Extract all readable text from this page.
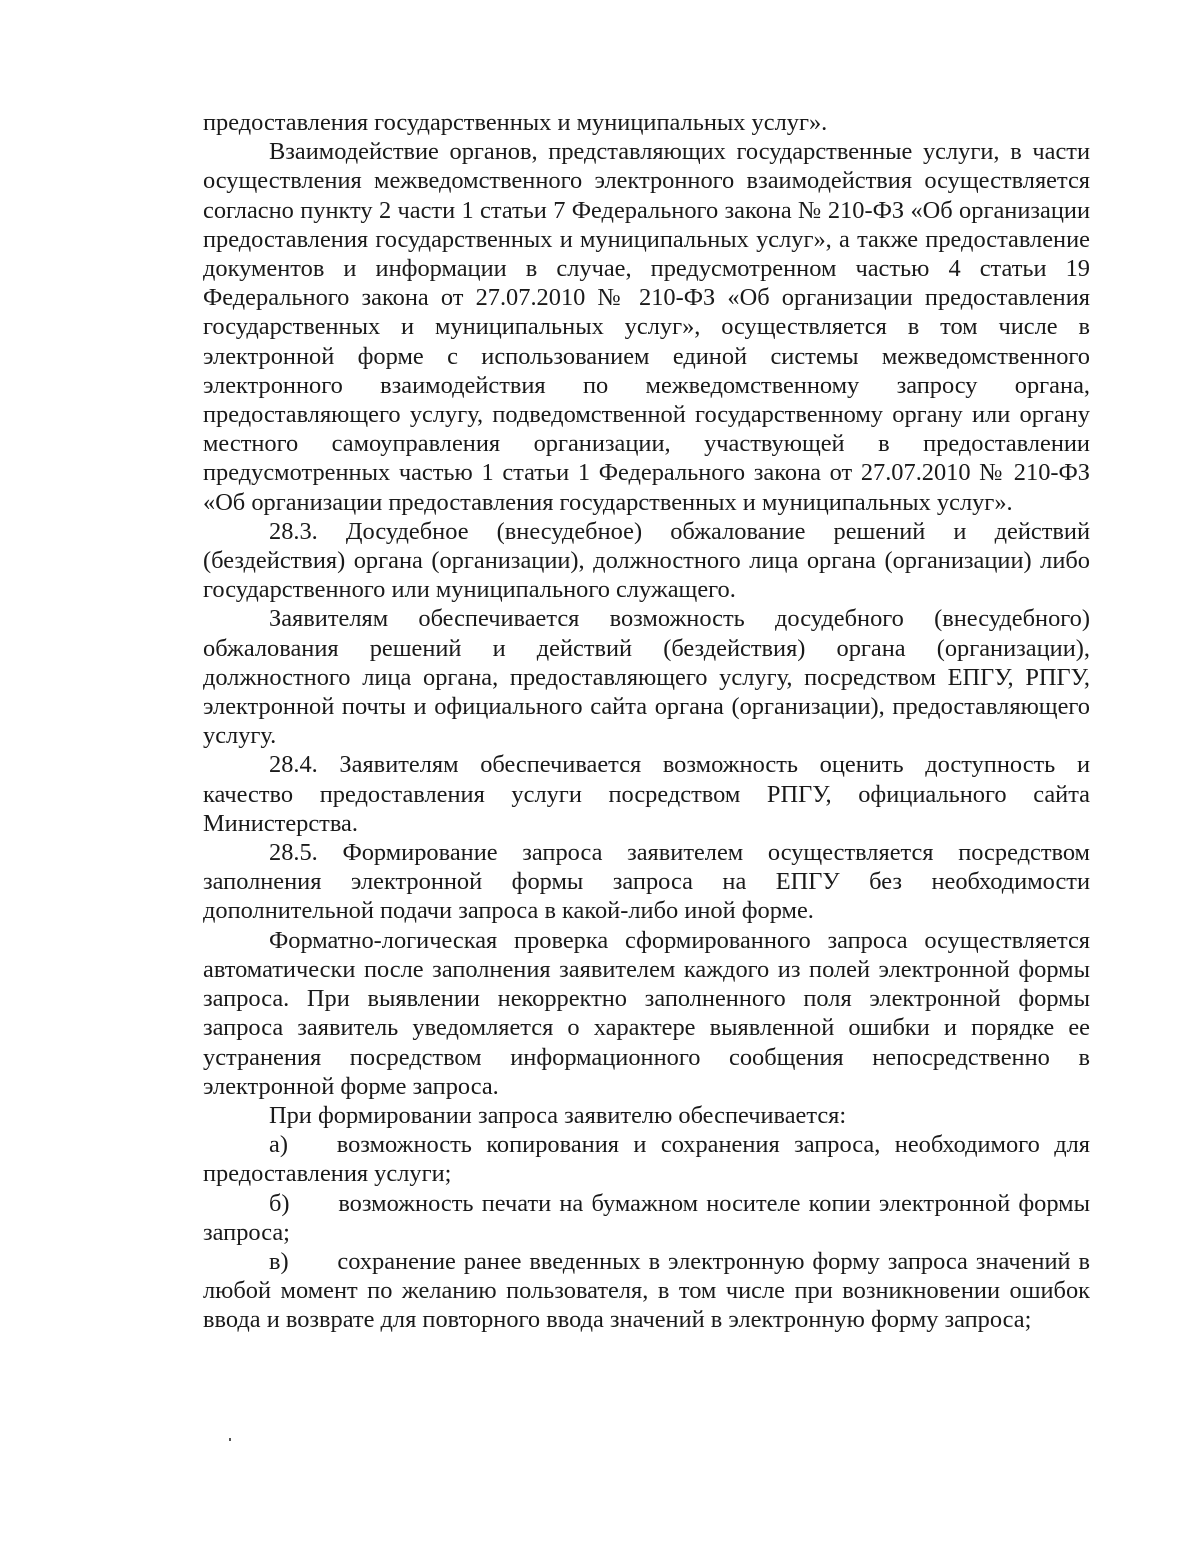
предоставления государственных и муниципальных услуг».

Взаимодействие органов, представляющих государственные услуги, в части осуществления межведомственного электронного взаимодействия осуществляется согласно пункту 2 части 1 статьи 7 Федерального закона № 210-ФЗ «Об организации предоставления государственных и муниципальных услуг», а также предоставление документов и информации в случае, предусмотренном частью 4 статьи 19 Федерального закона от 27.07.2010 № 210-ФЗ «Об организации предоставления государственных и муниципальных услуг», осуществляется в том числе в электронной форме с использованием единой системы межведомственного электронного взаимодействия по межведомственному запросу органа, предоставляющего услугу, подведомственной государственному органу или органу местного самоуправления организации, участвующей в предоставлении предусмотренных частью 1 статьи 1 Федерального закона от 27.07.2010 № 210-ФЗ «Об организации предоставления государственных и муниципальных услуг».

28.3. Досудебное (внесудебное) обжалование решений и действий (бездействия) органа (организации), должностного лица органа (организации) либо государственного или муниципального служащего.

Заявителям обеспечивается возможность досудебного (внесудебного) обжалования решений и действий (бездействия) органа (организации), должностного лица органа, предоставляющего услугу, посредством ЕПГУ, РПГУ, электронной почты и официального сайта органа (организации), предоставляющего услугу.

28.4. Заявителям обеспечивается возможность оценить доступность и качество предоставления услуги посредством РПГУ, официального сайта Министерства.

28.5. Формирование запроса заявителем осуществляется посредством заполнения электронной формы запроса на ЕПГУ без необходимости дополнительной подачи запроса в какой-либо иной форме.

Форматно-логическая проверка сформированного запроса осуществляется автоматически после заполнения заявителем каждого из полей электронной формы запроса. При выявлении некорректно заполненного поля электронной формы запроса заявитель уведомляется о характере выявленной ошибки и порядке ее устранения посредством информационного сообщения непосредственно в электронной форме запроса.

При формировании запроса заявителю обеспечивается:

а)  возможность копирования и сохранения запроса, необходимого для предоставления услуги;

б)  возможность печати на бумажном носителе копии электронной формы запроса;

в)  сохранение ранее введенных в электронную форму запроса значений в любой момент по желанию пользователя, в том числе при возникновении ошибок ввода и возврате для повторного ввода значений в электронную форму запроса;
